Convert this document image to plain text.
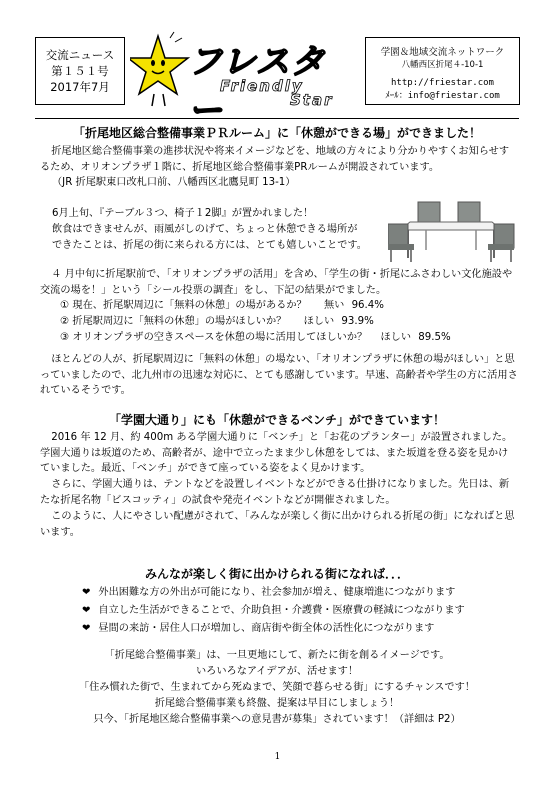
交流ニュース
第１５１号
2017年7月
フレスター
Friendly
Star
学園＆地域交流ネットワーク
八幡西区折尾４-10-1
http://friestar.com
ﾒｰﾙ：info@friestar.com
「折尾地区総合整備事業ＰＲルーム」に「休憩ができる場」ができました！

折尾地区総合整備事業の進捗状況や将来イメージなどを、地域の方々により分かりやすくお知らせするため、オリオンプラザ１階に、折尾地区総合整備事業PRルームが開設されています。

（JR 折尾駅東口改札口前、八幡西区北鷹見町 13-1）
6月上旬、『テーブル３つ、椅子１2脚』が置かれました！
飲食はできませんが、雨風がしのげて、ちょっと休憩できる場所が
できたことは、折尾の街に来られる方には、とても嬉しいことです。

４ 月中旬に折尾駅前で、「オリオンプラザの活用」を含め、「学生の街・折尾にふさわしい文化施設や交流の場を！」という「シール投票の調査」をし、下記の結果がでました。

① 現在、折尾駅周辺に「無料の休憩」の場があるか？ 無い 96.4%
② 折尾駅周辺に「無料の休憩」の場がほしいか？ ほしい 93.9%
③ オリオンプラザの空きスペースを休憩の場に活用してほしいか？ ほしい 89.5%

ほとんどの人が、折尾駅周辺に「無料の休憩」の場ない、「オリオンプラザに休憩の場がほしい」と思っていましたので、北九州市の迅速な対応に、とても感謝しています。早速、高齢者や学生の方に活用されているそうです。

「学園大通り」にも「休憩ができるベンチ」ができています！

2016 年 12 月、約 400m ある学園大通りに「ベンチ」と「お花のプランター」が設置されました。学園大通りは坂道のため、高齢者が、途中で立ったまま少し休憩をしては、また坂道を登る姿を見かけていました。最近、「ベンチ」ができて座っている姿をよく見かけます。

さらに、学園大通りは、テントなどを設置しイベントなどができる仕掛けになりました。先日は、新たな折尾名物「ビスコッティ」の試食や発売イベントなどが開催されました。

このように、人にやさしい配慮がされて、「みんなが楽しく街に出かけられる折尾の街」になればと思います。

みんなが楽しく街に出かけられる街になれば．．．
❤ 外出困難な方の外出が可能になり、社会参加が増え、健康増進につながります
❤ 自立した生活ができることで、介助負担・介護費・医療費の軽減につながります
❤ 昼間の来訪・居住人口が増加し、商店街や街全体の活性化につながります
「折尾総合整備事業」は、一旦更地にして、新たに街を創るイメージです。
いろいろなアイデアが、活せます！
「住み慣れた街で、生まれてから死ぬまで、笑顔で暮らせる街」にするチャンスです！
折尾総合整備事業も終盤、提案は早目にしましょう！
只今、「折尾地区総合整備事業への意見書が募集」されています！（詳細は P2）
1
